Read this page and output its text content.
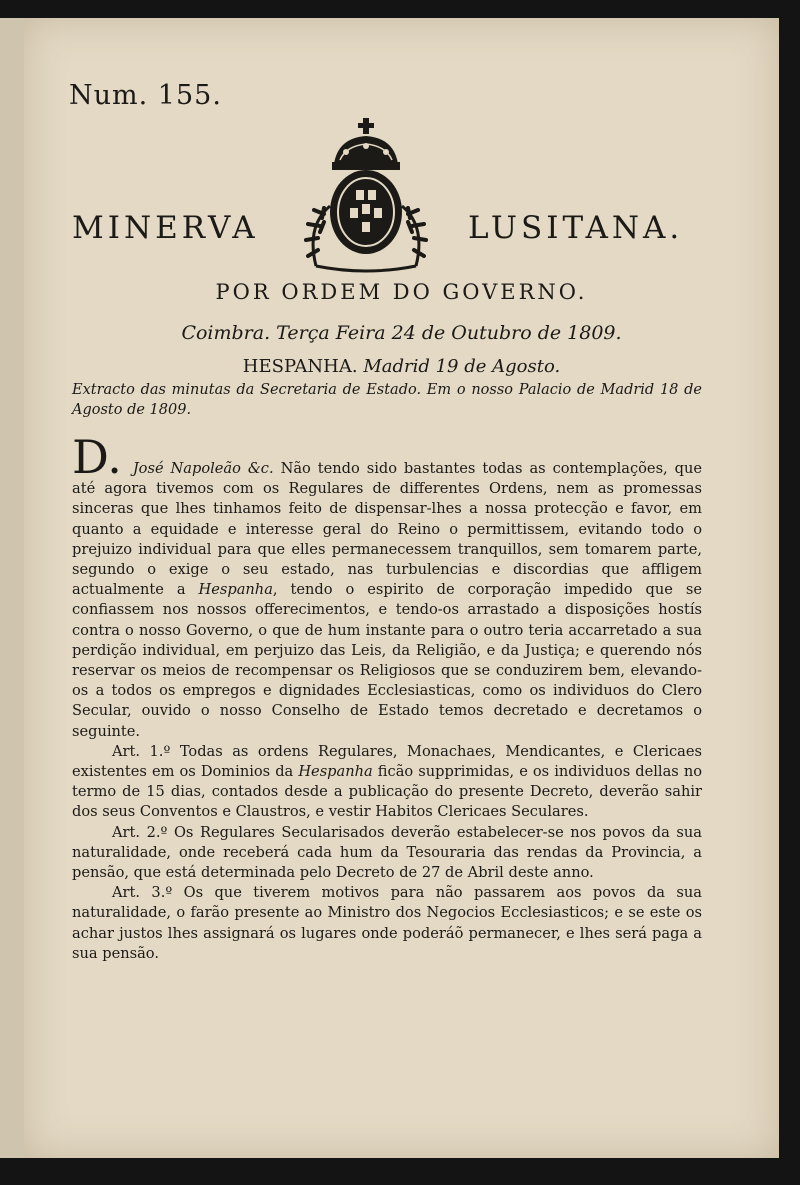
Num. 155.
MINERVA	LUSITANA.
POR ORDEM DO GOVERNO.
Coimbra. Terça Feira 24 de Outubro de 1809.
HESPANHA. Madrid 19 de Agosto.
Extracto das minutas da Secretaria de Estado. Em o nosso Palacio de Madrid 18 de Agosto de 1809.

D. José Napoleão &c. Não tendo sido bastantes todas as contemplações, que até agora tivemos com os Regulares de differentes Ordens, nem as promessas sinceras que lhes tinhamos feito de dispensar-lhes a nossa protecção e favor, em quanto a equidade e interesse geral do Reino o permittissem, evitando todo o prejuizo individual para que elles permanecessem tranquillos, sem tomarem parte, segundo o exige o seu estado, nas turbulencias e discordias que affligem actualmente a Hespanha, tendo o espirito de corporação impedido que se confiassem nos nossos offerecimentos, e tendo-os arrastado a disposições hostís contra o nosso Governo, o que de hum instante para o outro teria accarretado a sua perdição individual, em perjuizo das Leis, da Religião, e da Justiça; e querendo nós reservar os meios de recompensar os Religiosos que se conduzirem bem, elevando-os a todos os empregos e dignidades Ecclesiasticas, como os individuos do Clero Secular, ouvido o nosso Conselho de Estado temos decretado e decretamos o seguinte.

Art. 1.º Todas as ordens Regulares, Monachaes, Mendicantes, e Clericaes existentes em os Dominios da Hespanha ficão supprimidas, e os individuos dellas no termo de 15 dias, contados desde a publicação do presente Decreto, deverão sahir dos seus Conventos e Claustros, e vestir Habitos Clericaes Seculares.

Art. 2.º Os Regulares Secularisados deverão estabelecer-se nos povos da sua naturalidade, onde receberá cada hum da Tesouraria das rendas da Provincia, a pensão, que está determinada pelo Decreto de 27 de Abril deste anno.

Art. 3.º Os que tiverem motivos para não passarem aos povos da sua naturalidade, o farão presente ao Ministro dos Negocios Ecclesiasticos; e se este os achar justos lhes assignará os lugares onde poderáõ permanecer, e lhes será paga a sua pensão.
